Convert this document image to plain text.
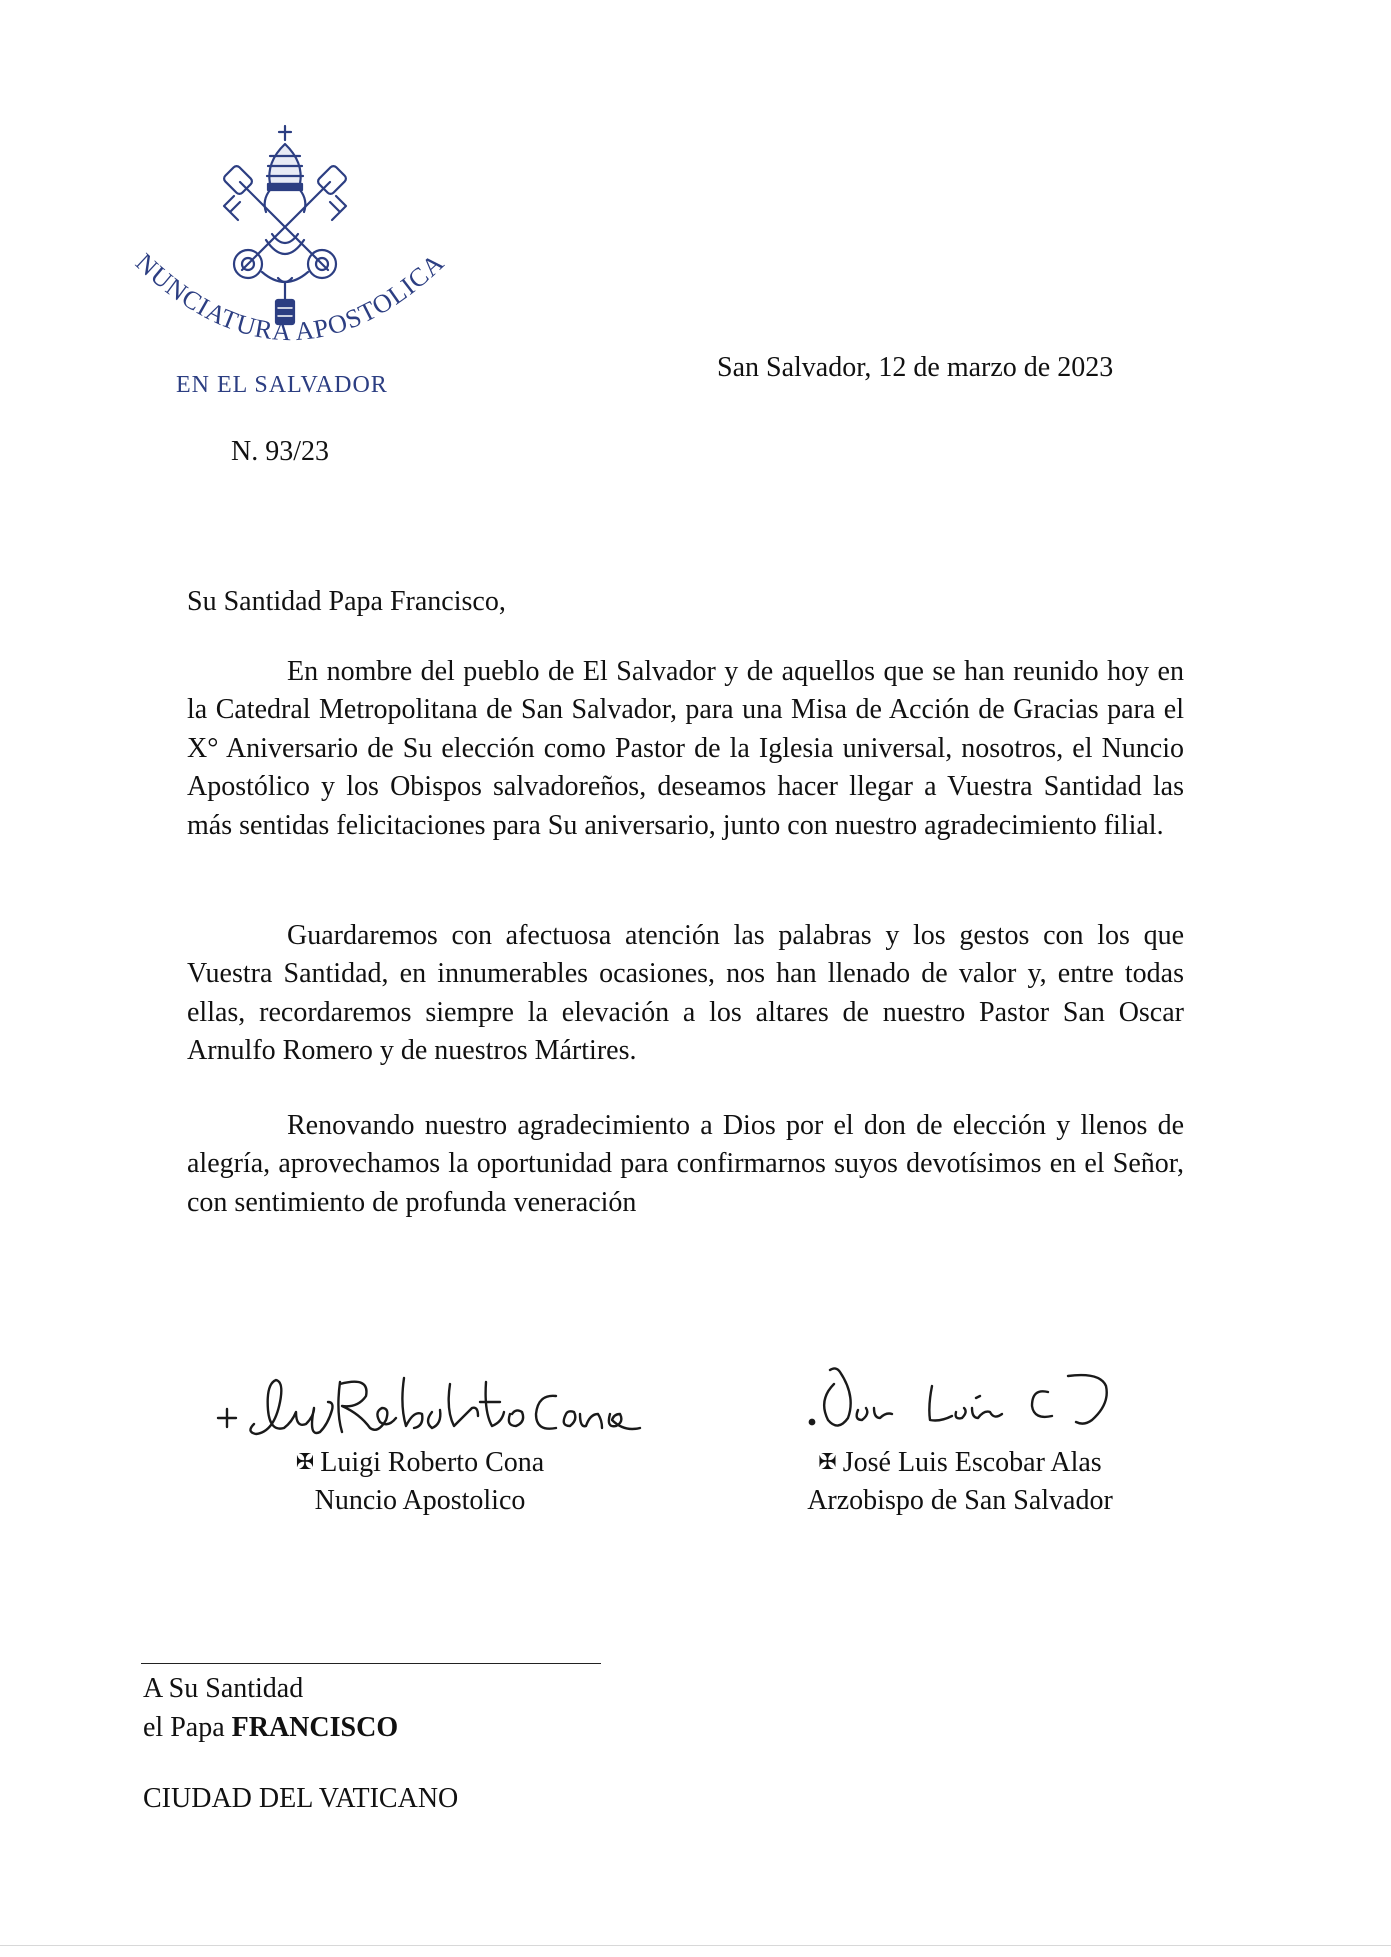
NUNCIATURA APOSTOLICA
EN EL SALVADOR
San Salvador, 12 de marzo de 2023
N. 93/23
Su Santidad Papa Francisco,

En nombre del pueblo de El Salvador y de aquellos que se han reunido hoy en la Catedral Metropolitana de San Salvador, para una Misa de Acción de Gracias para el X° Aniversario de Su elección como Pastor de la Iglesia universal, nosotros, el Nuncio Apostólico y los Obispos salvadoreños, deseamos hacer llegar a Vuestra Santidad las más sentidas felicitaciones para Su aniversario, junto con nuestro agradecimiento filial.

Guardaremos con afectuosa atención las palabras y los gestos con los que Vuestra Santidad, en innumerables ocasiones, nos han llenado de valor y, entre todas ellas, recordaremos siempre la elevación a los altares de nuestro Pastor San Oscar Arnulfo Romero y de nuestros Mártires.

Renovando nuestro agradecimiento a Dios por el don de elección y llenos de alegría, aprovechamos la oportunidad para confirmarnos suyos devotísimos en el Señor, con sentimiento de profunda veneración

✠ Luigi Roberto Cona
Nuncio Apostolico
✠ José Luis Escobar Alas
Arzobispo de San Salvador
A Su Santidad
el Papa FRANCISCO
CIUDAD DEL VATICANO
